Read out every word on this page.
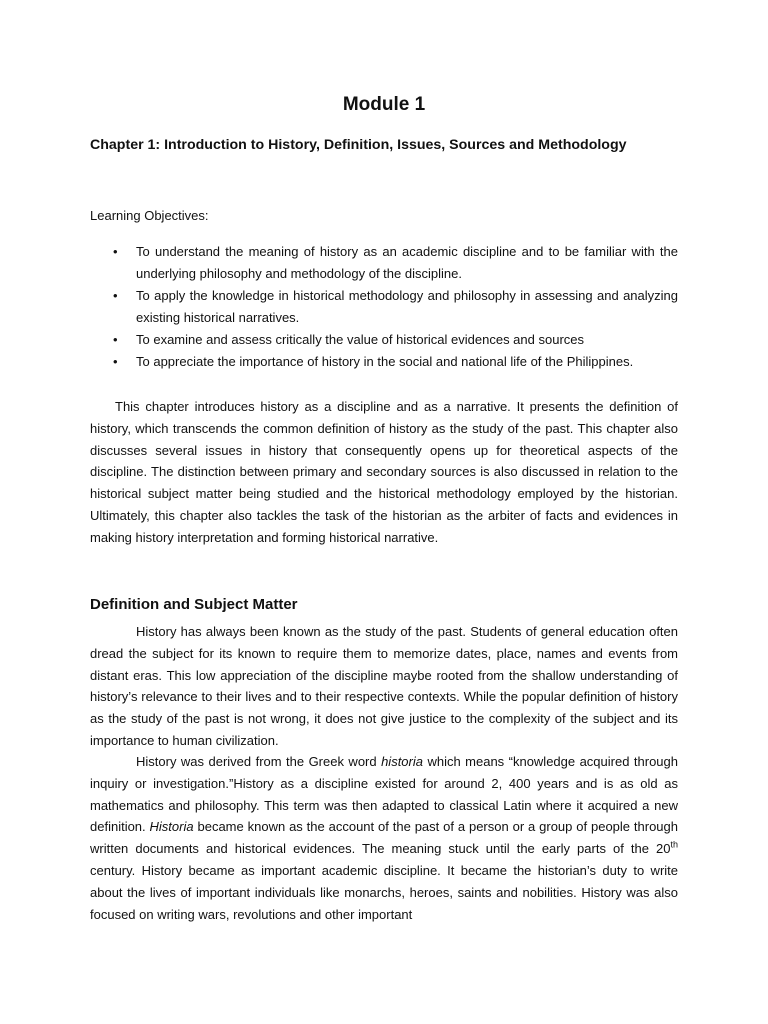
Module 1
Chapter 1: Introduction to History, Definition, Issues, Sources and Methodology
Learning Objectives:
• To understand the meaning of history as an academic discipline and to be familiar with the underlying philosophy and methodology of the discipline.
• To apply the knowledge in historical methodology and philosophy in assessing and analyzing existing historical narratives.
• To examine and assess critically the value of historical evidences and sources
• To appreciate the importance of history in the social and national life of the Philippines.

This chapter introduces history as a discipline and as a narrative. It presents the definition of history, which transcends the common definition of history as the study of the past. This chapter also discusses several issues in history that consequently opens up for theoretical aspects of the discipline. The distinction between primary and secondary sources is also discussed in relation to the historical subject matter being studied and the historical methodology employed by the historian. Ultimately, this chapter also tackles the task of the historian as the arbiter of facts and evidences in making history interpretation and forming historical narrative.

Definition and Subject Matter

History has always been known as the study of the past. Students of general education often dread the subject for its known to require them to memorize dates, place, names and events from distant eras. This low appreciation of the discipline maybe rooted from the shallow understanding of history’s relevance to their lives and to their respective contexts. While the popular definition of history as the study of the past is not wrong, it does not give justice to the complexity of the subject and its importance to human civilization.

History was derived from the Greek word historia which means “knowledge acquired through inquiry or investigation.”History as a discipline existed for around 2, 400 years and is as old as mathematics and philosophy. This term was then adapted to classical Latin where it acquired a new definition. Historia became known as the account of the past of a person or a group of people through written documents and historical evidences. The meaning stuck until the early parts of the 20th century. History became as important academic discipline. It became the historian’s duty to write about the lives of important individuals like monarchs, heroes, saints and nobilities. History was also focused on writing wars, revolutions and other important
